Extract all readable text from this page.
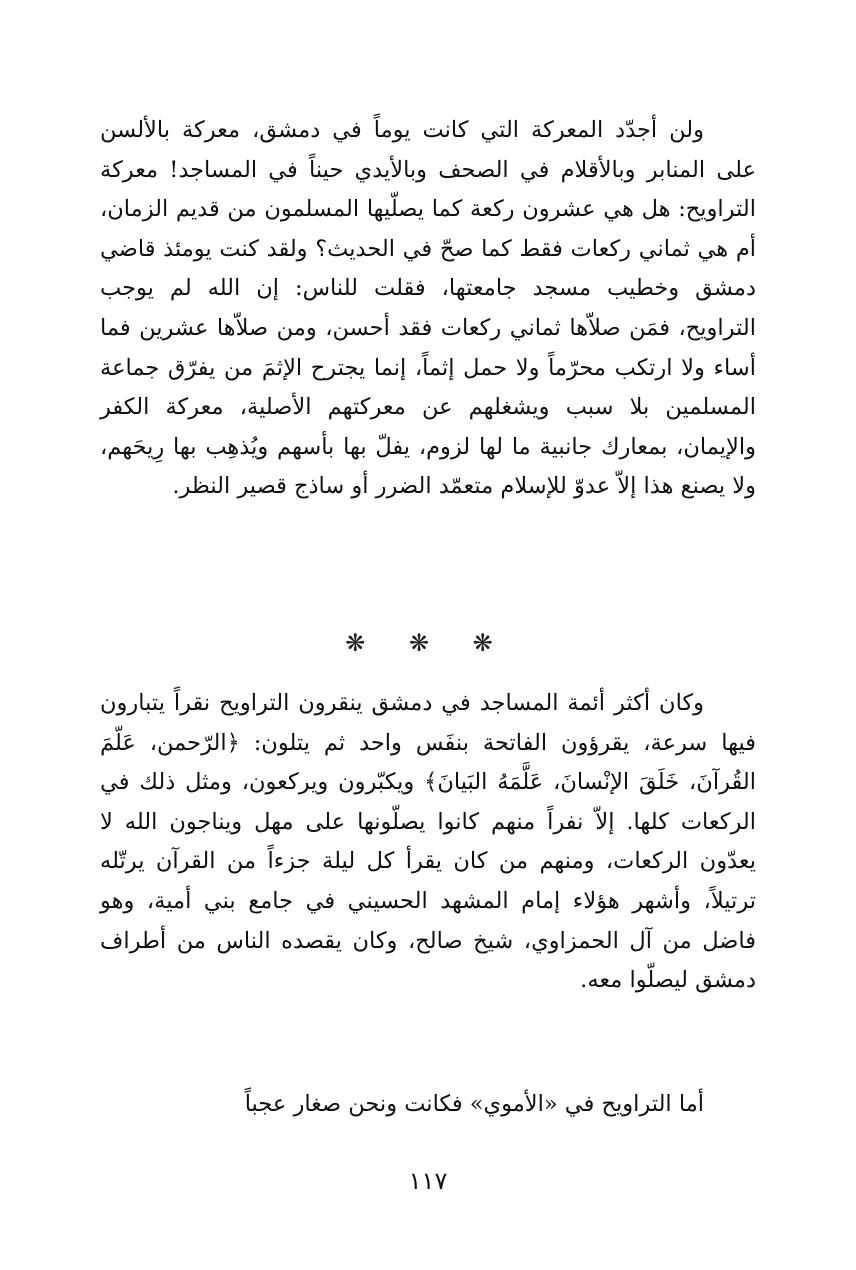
ولن أجدّد المعركة التي كانت يوماً في دمشق، معركة بالألسن على المنابر وبالأقلام في الصحف وبالأيدي حيناً في المساجد! معركة التراويح: هل هي عشرون ركعة كما يصلّيها المسلمون من قديم الزمان، أم هي ثماني ركعات فقط كما صحّ في الحديث؟ ولقد كنت يومئذ قاضي دمشق وخطيب مسجد جامعتها، فقلت للناس: إن الله لم يوجب التراويح، فمَن صلاّها ثماني ركعات فقد أحسن، ومن صلاّها عشرين فما أساء ولا ارتكب محرّماً ولا حمل إثماً، إنما يجترح الإثمَ من يفرّق جماعة المسلمين بلا سبب ويشغلهم عن معركتهم الأصلية، معركة الكفر والإيمان، بمعارك جانبية ما لها لزوم، يفلّ بها بأسهم ويُذهِب بها رِيحَهم، ولا يصنع هذا إلاّ عدوّ للإسلام متعمّد الضرر أو ساذج قصير النظر.

❋ ❋ ❋

وكان أكثر أئمة المساجد في دمشق ينقرون التراويح نقراً يتبارون فيها سرعة، يقرؤون الفاتحة بنفَس واحد ثم يتلون: ﴿الرّحمن، عَلّمَ القُرآنَ، خَلَقَ الإنْسانَ، عَلَّمَهُ البَيانَ﴾ ويكبّرون ويركعون، ومثل ذلك في الركعات كلها. إلاّ نفراً منهم كانوا يصلّونها على مهل ويناجون الله لا يعدّون الركعات، ومنهم من كان يقرأ كل ليلة جزءاً من القرآن يرتّله ترتيلاً، وأشهر هؤلاء إمام المشهد الحسيني في جامع بني أمية، وهو فاضل من آل الحمزاوي، شيخ صالح، وكان يقصده الناس من أطراف دمشق ليصلّوا معه.

أما التراويح في «الأموي» فكانت ونحن صغار عجباً

١١٧
